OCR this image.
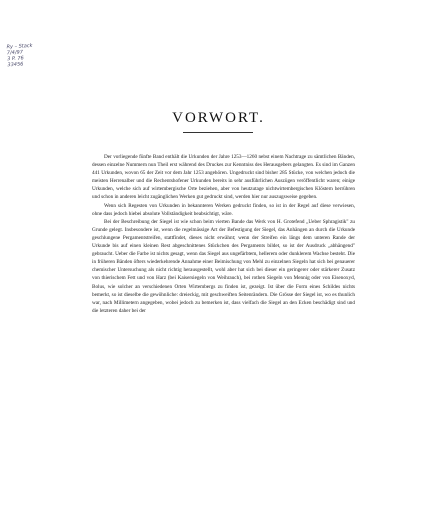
Ry – Stack
7/4/97
3 P. 76
33456
VORWORT.

Der vorliegende fünfte Band enthält die Urkunden der Jahre 1253—1260 nebst einem Nachtrage zu sämtlichen Bänden, dessen einzelne Nummern nun Theil erst während des Druckes zur Kenntniss des Herausgebers gelangten. Es sind im Ganzen 441 Urkunden, wovon 65 der Zeit vor dem Jahr 1253 angehören. Ungedruckt sind bisher 285 Stücke, von welchen jedoch die meisten Herrenalber und die Rechentshofener Urkunden bereits in sehr ausführlichen Auszügen veröffentlicht waren; einige Urkunden, welche sich auf wirtembergische Orte beziehen, aber von heutzutage nichtwirtembergischen Klöstern herrühren und schon in anderen leicht zugänglichen Werken gut gedruckt sind, werden hier nur auszugsweise gegeben.

Wenn sich Regesten von Urkunden in bekannteren Werken gedruckt finden, so ist in der Regel auf diese verwiesen, ohne dass jedoch hiebei absolute Vollständigkeit beabsichtigt, wäre.

Bei der Beschreibung der Siegel ist wie schon beim vierten Bande das Werk von H. Grotefend „Ueber Sphragistik" zu Grunde gelegt. Insbesondere ist, wenn die regelmässige Art der Befestigung der Siegel, das Anhängen an durch die Urkunde geschlungene Pergamentstreifen, stattfindet, dieses nicht erwähnt; wenn der Streifen ein längs dem unteren Rande der Urkunde bis auf einen kleinen Rest abgeschnittenes Stückchen des Pergaments bildet, so ist der Ausdruck „abhängend" gebraucht. Ueber die Farbe ist nichts gesagt, wenn das Siegel aus ungefärbtem, hellerem oder dunklerem Wachse besteht. Die in früheren Bänden öfters wiederkehrende Annahme einer Beimischung von Mehl zu einzelnen Siegeln hat sich bei genauerer chemischer Untersuchung als nicht richtig herausgestellt, wohl aber hat sich bei dieser ein geringerer oder stärkerer Zusatz von thierischem Fett und von Harz (bei Kaisersiegeln von Weihrauch), bei rothen Siegeln von Mennig oder von Eisenoxyd, Bolus, wie solcher an verschiedenen Orten Wirtembergs zu finden ist, gezeigt. Ist über die Form eines Schildes nichts bemerkt, so ist dieselbe die gewöhnliche: dreieckig, mit geschweiften Seitenrändern. Die Grösse der Siegel ist, wo es thunlich war, nach Millimetern angegeben, wobei jedoch zu bemerken ist, dass vielfach die Siegel an den Ecken beschädigt sind und die letzteren daher bei der
